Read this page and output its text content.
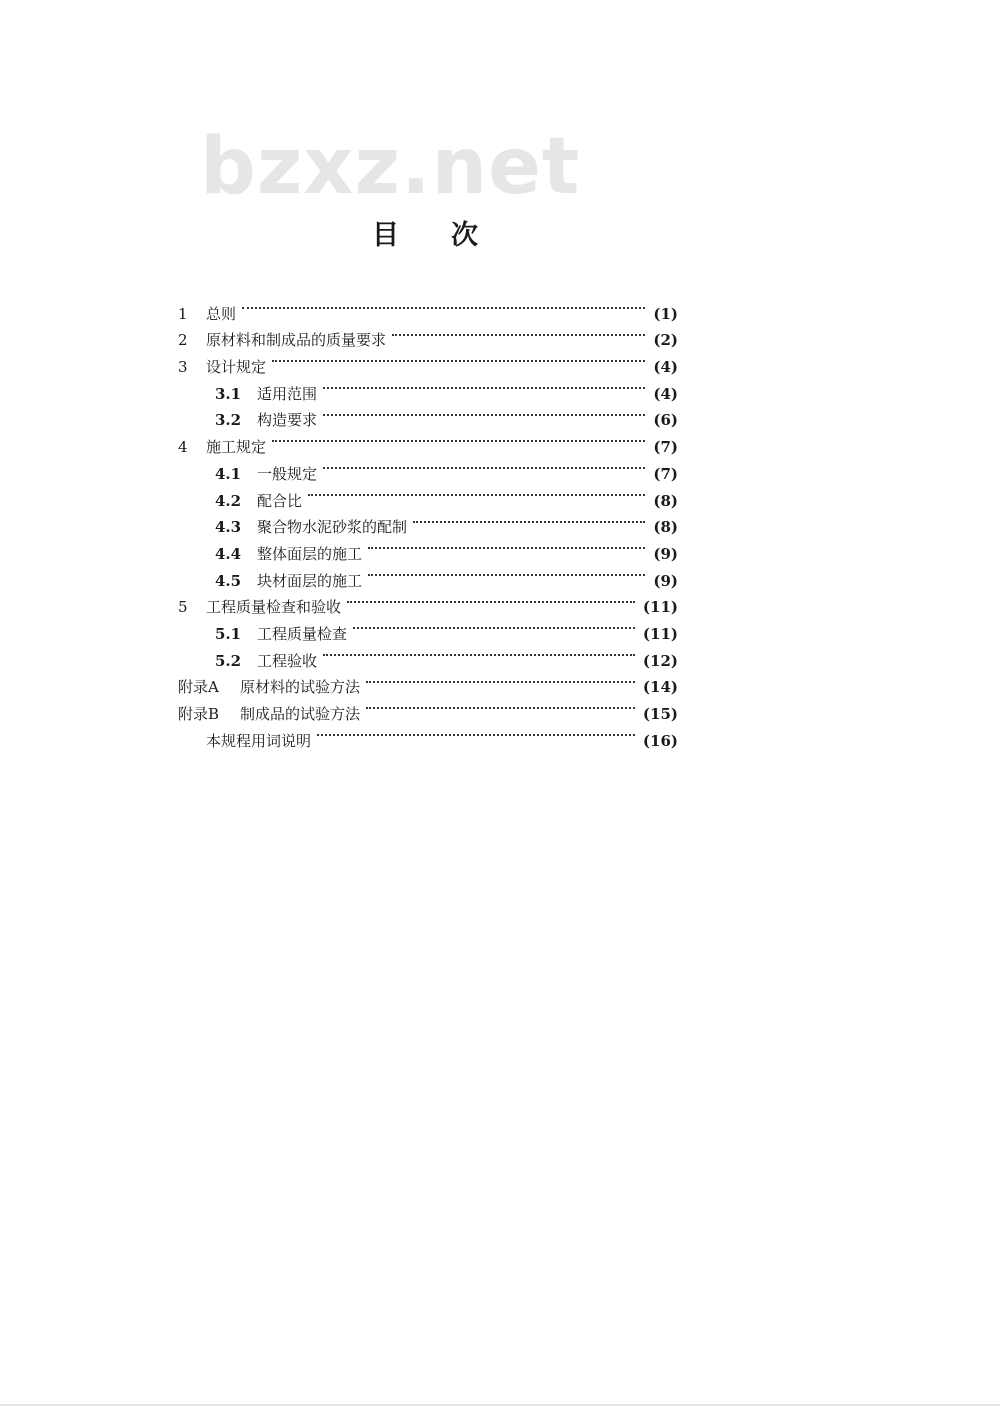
bzxz.net
目次
1	总则	(1)
2	原材料和制成品的质量要求	(2)
3	设计规定	(4)
3.1	适用范围	(4)
3.2	构造要求	(6)
4	施工规定	(7)
4.1	一般规定	(7)
4.2	配合比	(8)
4.3	聚合物水泥砂浆的配制	(8)
4.4	整体面层的施工	(9)
4.5	块材面层的施工	(9)
5	工程质量检查和验收	(11)
5.1	工程质量检查	(11)
5.2	工程验收	(12)
附录A	原材料的试验方法	(14)
附录B	制成品的试验方法	(15)
本规程用词说明	(16)
